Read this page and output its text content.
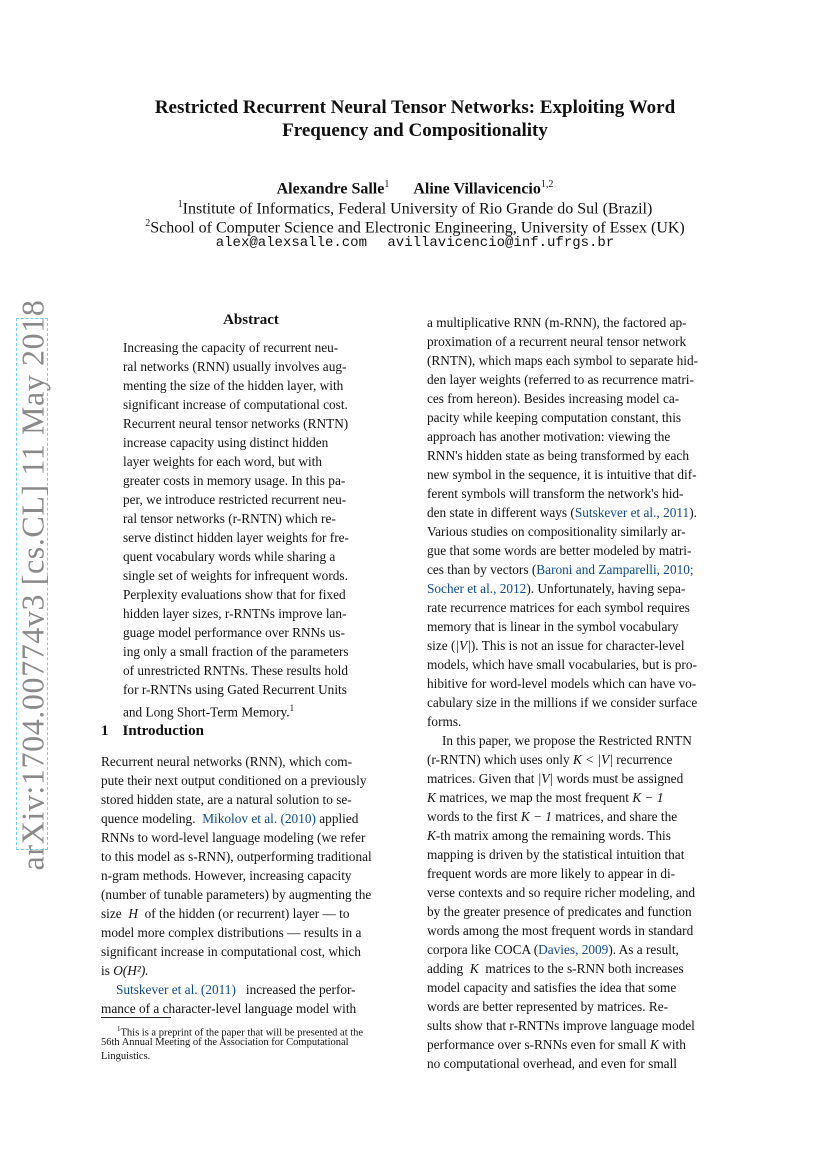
arXiv:1704.00774v3 [cs.CL] 11 May 2018
Restricted Recurrent Neural Tensor Networks: Exploiting Word
Frequency and Compositionality
Alexandre Salle$^1$ Aline Villavicencio$^{1,2}$
$^1$Institute of Informatics, Federal University of Rio Grande do Sul (Brazil)
$^2$School of Computer Science and Electronic Engineering, University of Essex (UK)
alex@alexsalle.com avillavicencio@inf.ufrgs.br
Abstract
Increasing the capacity of recurrent neu-
ral networks (RNN) usually involves aug-
menting the size of the hidden layer, with
significant increase of computational cost.
Recurrent neural tensor networks (RNTN)
increase capacity using distinct hidden
layer weights for each word, but with
greater costs in memory usage. In this pa-
per, we introduce restricted recurrent neu-
ral tensor networks (r-RNTN) which re-
serve distinct hidden layer weights for fre-
quent vocabulary words while sharing a
single set of weights for infrequent words.
Perplexity evaluations show that for fixed
hidden layer sizes, r-RNTNs improve lan-
guage model performance over RNNs us-
ing only a small fraction of the parameters
of unrestricted RNTNs. These results hold
for r-RNTNs using Gated Recurrent Units
and Long Short-Term Memory.$^1$
1 Introduction
Recurrent neural networks (RNN), which com-
pute their next output conditioned on a previously
stored hidden state, are a natural solution to se-
quence modeling. Mikolov et al. (2010) applied
RNNs to word-level language modeling (we refer
to this model as s-RNN), outperforming traditional
n-gram methods. However, increasing capacity
(number of tunable parameters) by augmenting the
size H of the hidden (or recurrent) layer — to
model more complex distributions — results in a
significant increase in computational cost, which
is O(H²).
Sutskever et al. (2011) increased the perfor-
mance of a character-level language model with
$^1$This is a preprint of the paper that will be presented at the
56th Annual Meeting of the Association for Computational
Linguistics.
a multiplicative RNN (m-RNN), the factored ap-
proximation of a recurrent neural tensor network
(RNTN), which maps each symbol to separate hid-
den layer weights (referred to as recurrence matri-
ces from hereon). Besides increasing model ca-
pacity while keeping computation constant, this
approach has another motivation: viewing the
RNN's hidden state as being transformed by each
new symbol in the sequence, it is intuitive that dif-
ferent symbols will transform the network's hid-
den state in different ways (Sutskever et al., 2011).
Various studies on compositionality similarly ar-
gue that some words are better modeled by matri-
ces than by vectors (Baroni and Zamparelli, 2010;
Socher et al., 2012). Unfortunately, having sepa-
rate recurrence matrices for each symbol requires
memory that is linear in the symbol vocabulary
size (|V|). This is not an issue for character-level
models, which have small vocabularies, but is pro-
hibitive for word-level models which can have vo-
cabulary size in the millions if we consider surface
forms.
In this paper, we propose the Restricted RNTN
(r-RNTN) which uses only K < |V| recurrence
matrices. Given that |V| words must be assigned
K matrices, we map the most frequent K − 1
words to the first K − 1 matrices, and share the
K-th matrix among the remaining words. This
mapping is driven by the statistical intuition that
frequent words are more likely to appear in di-
verse contexts and so require richer modeling, and
by the greater presence of predicates and function
words among the most frequent words in standard
corpora like COCA (Davies, 2009). As a result,
adding K matrices to the s-RNN both increases
model capacity and satisfies the idea that some
words are better represented by matrices. Re-
sults show that r-RNTNs improve language model
performance over s-RNNs even for small K with
no computational overhead, and even for small
